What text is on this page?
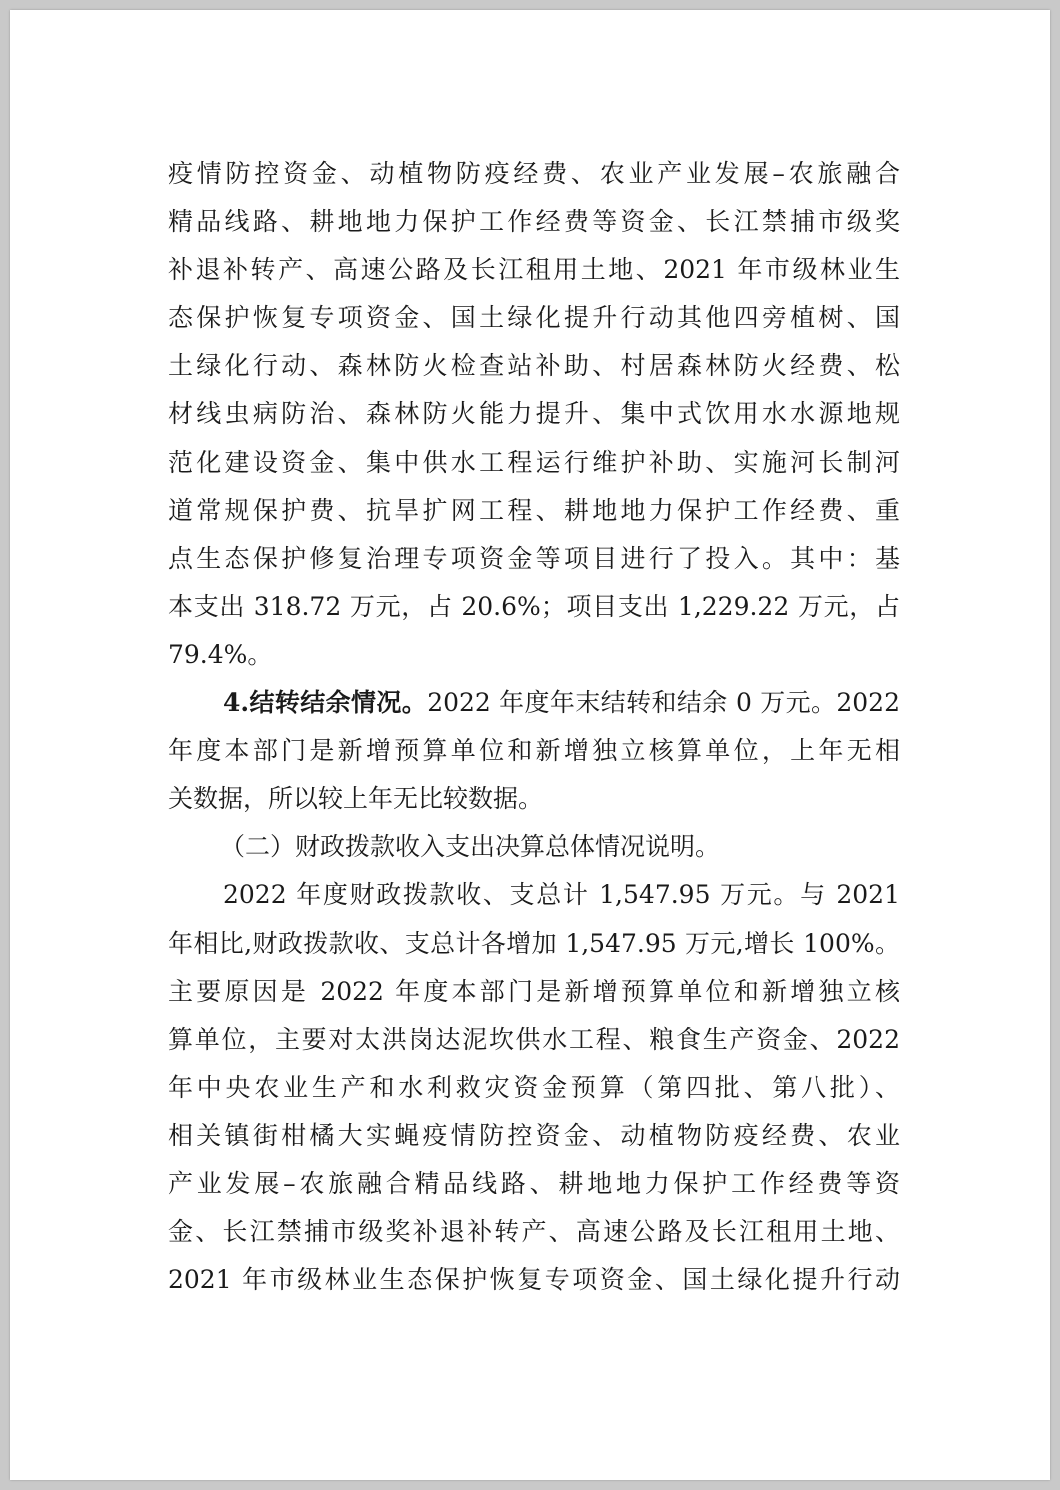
疫情防控资金、动植物防疫经费、农业产业发展–农旅融合
精品线路、耕地地力保护工作经费等资金、长江禁捕市级奖
补退补转产、高速公路及长江租用土地、2021 年市级林业生
态保护恢复专项资金、国土绿化提升行动其他四旁植树、国
土绿化行动、森林防火检查站补助、村居森林防火经费、松
材线虫病防治、森林防火能力提升、集中式饮用水水源地规
范化建设资金、集中供水工程运行维护补助、实施河长制河
道常规保护费、抗旱扩网工程、耕地地力保护工作经费、重
点生态保护修复治理专项资金等项目进行了投入。其中：基
本支出 318.72 万元，占 20.6%；项目支出 1,229.22 万元，占
79.4%。
4.结转结余情况。2022 年度年末结转和结余 0 万元。2022
年度本部门是新增预算单位和新增独立核算单位，上年无相
关数据，所以较上年无比较数据。
（二）财政拨款收入支出决算总体情况说明。
2022 年度财政拨款收、支总计 1,547.95 万元。与 2021
年相比,财政拨款收、支总计各增加 1,547.95 万元,增长 100%。
主要原因是 2022 年度本部门是新增预算单位和新增独立核
算单位，主要对太洪岗达泥坎供水工程、粮食生产资金、2022
年中央农业生产和水利救灾资金预算（第四批、第八批）、
相关镇街柑橘大实蝇疫情防控资金、动植物防疫经费、农业
产业发展–农旅融合精品线路、耕地地力保护工作经费等资
金、长江禁捕市级奖补退补转产、高速公路及长江租用土地、
2021 年市级林业生态保护恢复专项资金、国土绿化提升行动
